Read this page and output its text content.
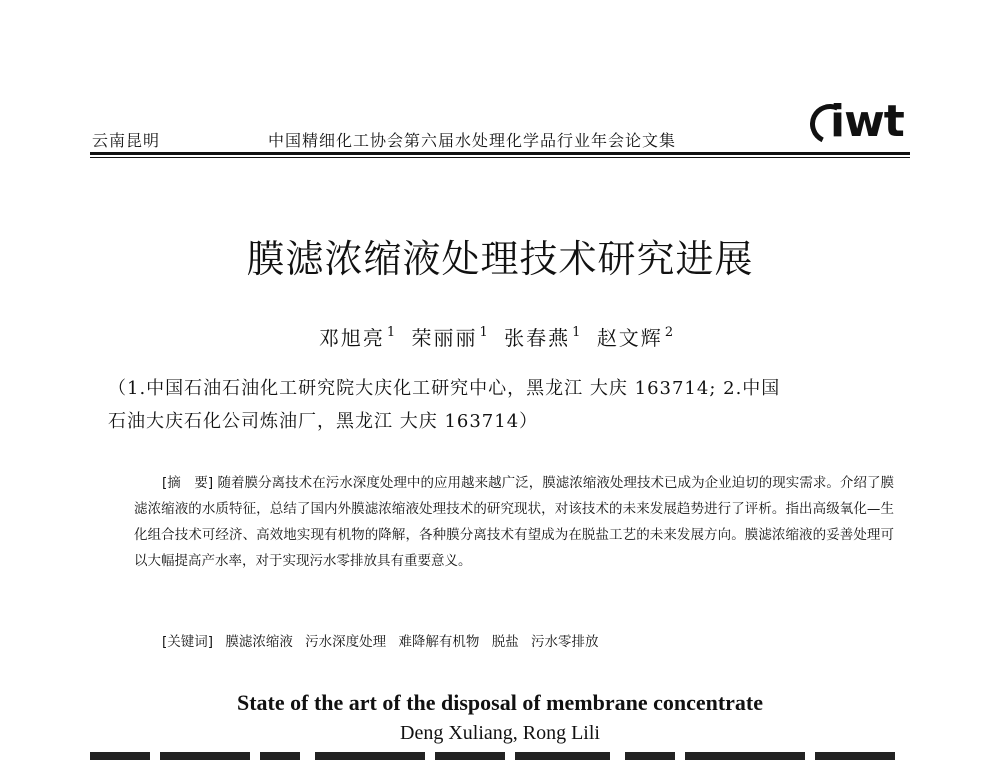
云南昆明	中国精细化工协会第六届水处理化学品行业年会论文集	iwt
膜滤浓缩液处理技术研究进展
邓旭亮 $^1$ 荣丽丽 $^1$ 张春燕 $^1$ 赵文辉 $^2$
（1.中国石油石油化工研究院大庆化工研究中心，黑龙江 大庆 163714; 2.中国
石油大庆石化公司炼油厂，黑龙江 大庆 163714）
[摘　要] 随着膜分离技术在污水深度处理中的应用越来越广泛，膜滤浓缩液处理技术已成为企业迫切的现实需求。介绍了膜滤浓缩液的水质特征，总结了国内外膜滤浓缩液处理技术的研究现状，对该技术的未来发展趋势进行了评析。指出高级氧化—生化组合技术可经济、高效地实现有机物的降解，各种膜分离技术有望成为在脱盐工艺的未来发展方向。膜滤浓缩液的妥善处理可以大幅提高产水率，对于实现污水零排放具有重要意义。
[关键词] 膜滤浓缩液 污水深度处理 难降解有机物 脱盐 污水零排放
State of the art of the disposal of membrane concentrate
Deng Xuliang, Rong Lili
